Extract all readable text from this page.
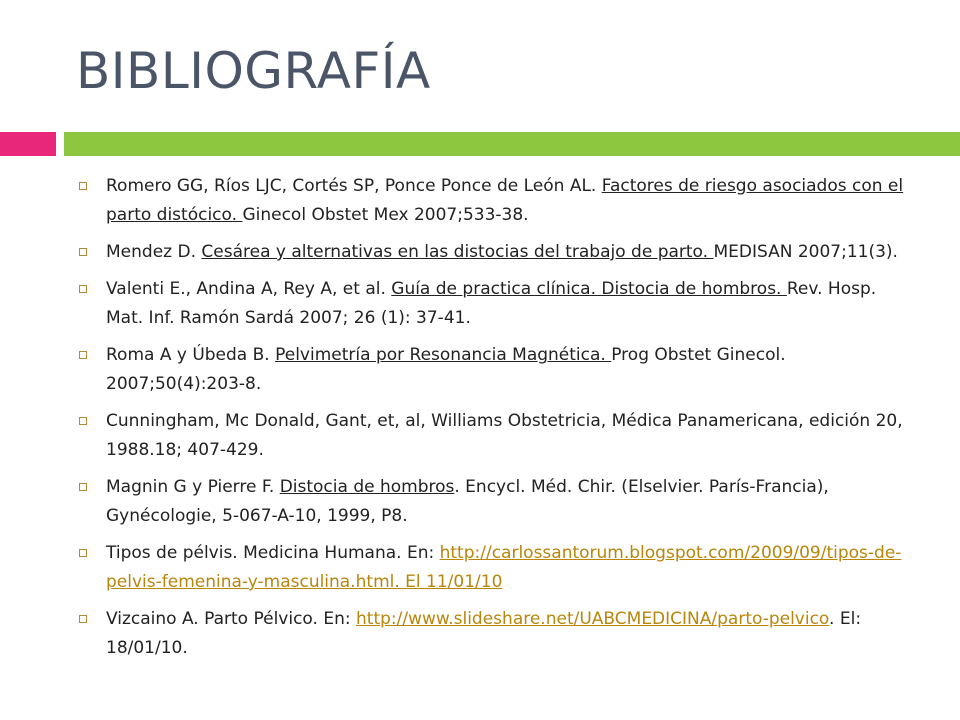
BIBLIOGRAFÍA
Romero GG, Ríos LJC, Cortés SP, Ponce Ponce de León AL. Factores de riesgo asociados con el parto distócico. Ginecol Obstet Mex 2007;533-38.
Mendez D. Cesárea y alternativas en las distocias del trabajo de parto. MEDISAN 2007;11(3).
Valenti E., Andina A, Rey A, et al. Guía de practica clínica. Distocia de hombros. Rev. Hosp. Mat. Inf. Ramón Sardá 2007; 26 (1): 37-41.
Roma A y Úbeda B. Pelvimetría por Resonancia Magnética. Prog Obstet Ginecol. 2007;50(4):203-8.
Cunningham, Mc Donald, Gant, et, al, Williams Obstetricia, Médica Panamericana, edición 20, 1988.18; 407-429.
Magnin G y Pierre F. Distocia de hombros. Encycl. Méd. Chir. (Elselvier. París-Francia), Gynécologie, 5-067-A-10, 1999, P8.
Tipos de pélvis. Medicina Humana. En: http://carlossantorum.blogspot.com/2009/09/tipos-de-pelvis-femenina-y-masculina.html. El 11/01/10
Vizcaino A. Parto Pélvico. En: http://www.slideshare.net/UABCMEDICINA/parto-pelvico. El: 18/01/10.
